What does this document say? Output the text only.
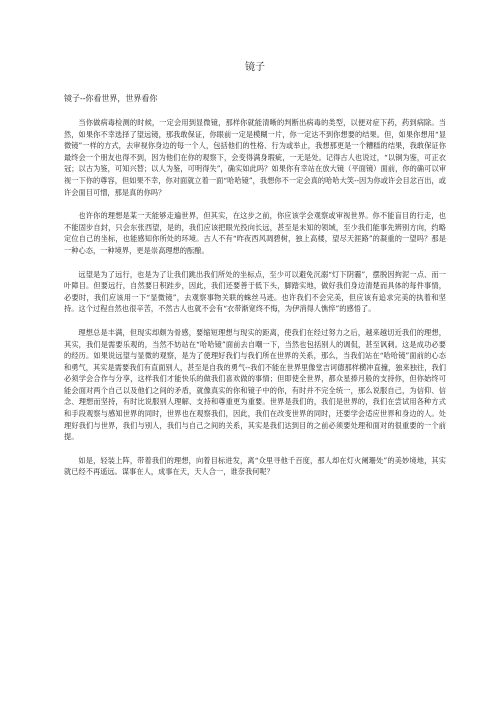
镜子

镜子--你看世界，世界看你

当你做病毒检测的时候，一定会用到显微镜，那样你就能清晰的判断出病毒的类型，以便对症下药，药到病除。当然，如果你不幸选择了望远镜，那我敢保证，你眼前一定是模糊一片，你一定达不到你想要的结果。但，如果你想用“显微镜”一样的方式，去审视你身边的每一个人，包括他们的性格、行为或举止，我想那更是一个糟糕的结果，我敢保证你最终会一个朋友也得不到，因为他们在你的观察下，会变得满身瑕疵，一无是处。记得古人也说过，“以铜为鉴，可正衣冠；以古为鉴，可知兴替；以人为鉴，可明得失”，确实如此吗？如果你有幸站在放大镜（平面镜）面前，你的确可以审视一下你的尊容，但如果不幸，你对面就立着一面“哈哈镜”，我想你不一定会真的哈哈大笑--因为你或许会目忿百出，或许会面目可憎，那是真的你吗？

也许你的理想是某一天能够走遍世界，但其实，在这步之前，你应该学会观察或审视世界。你不能盲目的行走，也不能固步自封，只会东张西望，是的，我们应该把眼光投向长远，甚至是未知的领域，至少我们能事先辨别方向，约略定位自己的坐标，也能感知你所处的环境。古人不有“昨夜西风凋碧树，独上高楼，望尽天涯路”的凝重的一望吗？那是一种心态，一种境界，更是崇高理想的酝酿。

远望是为了远行，也是为了让我们跳出我们所处的坐标点，至少可以避免沉溺“灯下阴霾”，摆脱因拘泥一点、而一叶障目。但要远行，自然要日积跬步，因此，我们还要善于低下头，脚踏实地，做好我们身边清楚而具体的每件事情，必要时，我们应该用一下“显微镜”，去观察事物关联的蛛丝马迹。也许我们不会完美，但应该有追求完美的执着和坚持。这个过程自然也很辛苦，不然古人也就不会有“衣带渐宽终不悔，为伊消得人憔悴”的感悟了。

理想总是丰满，但现实却颇为骨感，要缩短理想与现实的距离，使我们在经过努力之后，越来越切近我们的理想，其实，我们是需要乐观的，当然不妨站在“哈哈镜”面前去自嘲一下，当然也包括别人的调侃，甚至讽刺。这是成功必要的经历。如果说远望与显微的观察，是为了使理好我们与我们所在世界的关系，那么，当我们站在“哈哈镜”面前的心态和勇气，其实是需要我们有直面别人，甚至是自我的勇气--我们不能在世界里像堂吉诃德那样横冲直撞，独来独往，我们必须学会合作与分享，这样我们才能快乐的做我们喜欢做的事情；但即使全世界，都众星捧月般的支持你，但你始终可能会面对两个自己以及他们之间的矛盾，就像真实的你和镜子中的你，有时并不完全统一，那么说服自己，为信仰、信念、理想而坚持，有时比说服别人理解、支持和尊重更为重要。世界是我们的，我们是世界的，我们在尝试用各种方式和手段观察与感知世界的同时，世界也在观察我们，因此，我们在改变世界的同时，还要学会适应世界和身边的人。处理好我们与世界，我们与别人，我们与自己之间的关系，其实是我们达到目的之前必须要处理和面对的很重要的一个前提。

如是，轻装上阵，带着我们的理想，向着目标进发，离“众里寻他千百度，那人却在灯火阑珊处”的美妙境地，其实就已经不再遥远。谋事在人，成事在天，天人合一，谁奈我何呢？
